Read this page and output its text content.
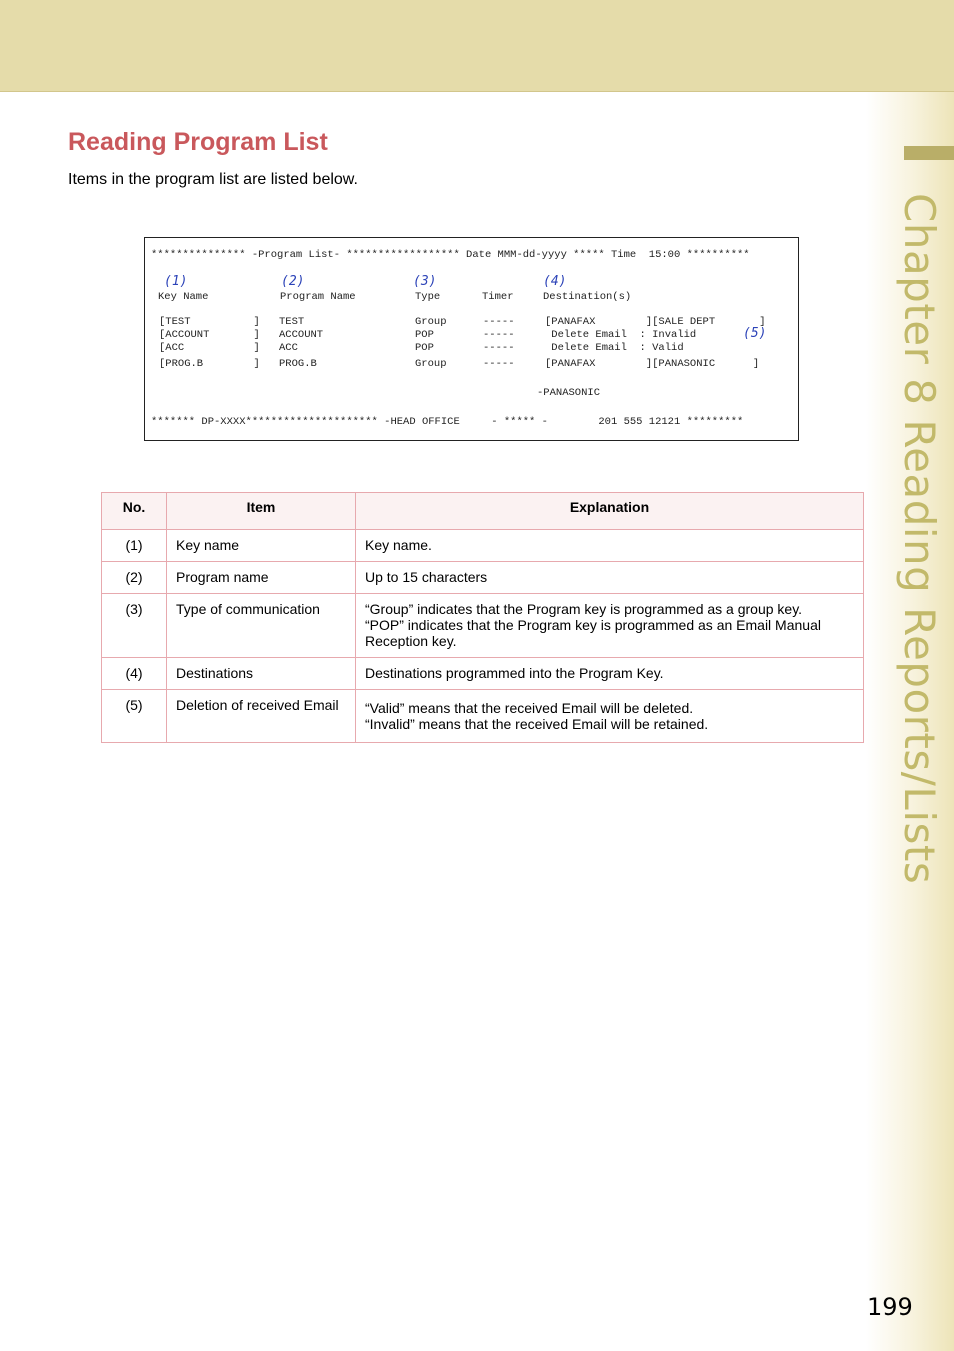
Chapter 8 Reading Reports/Lists
Reading Program List

Items in the program list are listed below.

*************** -Program List- ****************** Date MMM-dd-yyyy ***** Time  15:00 **********
(1)	(2)	(3)	(4)
(5)
Key Name	Program Name	Type	Timer	Destination(s)
[TEST          ] TEST	Group	-----	[PANAFAX        ][SALE DEPT       ]
[ACCOUNT       ] ACCOUNT	POP	-----	Delete Email  : Invalid
[ACC           ] ACC	POP	-----	Delete Email  : Valid
[PROG.B        ] PROG.B	Group	-----	[PANAFAX        ][PANASONIC      ]
-PANASONIC
******* DP-XXXX********************* -HEAD OFFICE     - ***** -        201 555 12121 *********
No.	Item	Explanation
(1)	Key name	Key name.

(2)	Program name	Up to 15 characters

(3)	Type of communication	“Group” indicates that the Program key is programmed as a group key.
“POP” indicates that the Program key is programmed as an Email Manual
Reception key.

(4)	Destinations	Destinations programmed into the Program Key.

(5)	Deletion of received Email	“Valid” means that the received Email will be deleted.
“Invalid” means that the received Email will be retained.
199
